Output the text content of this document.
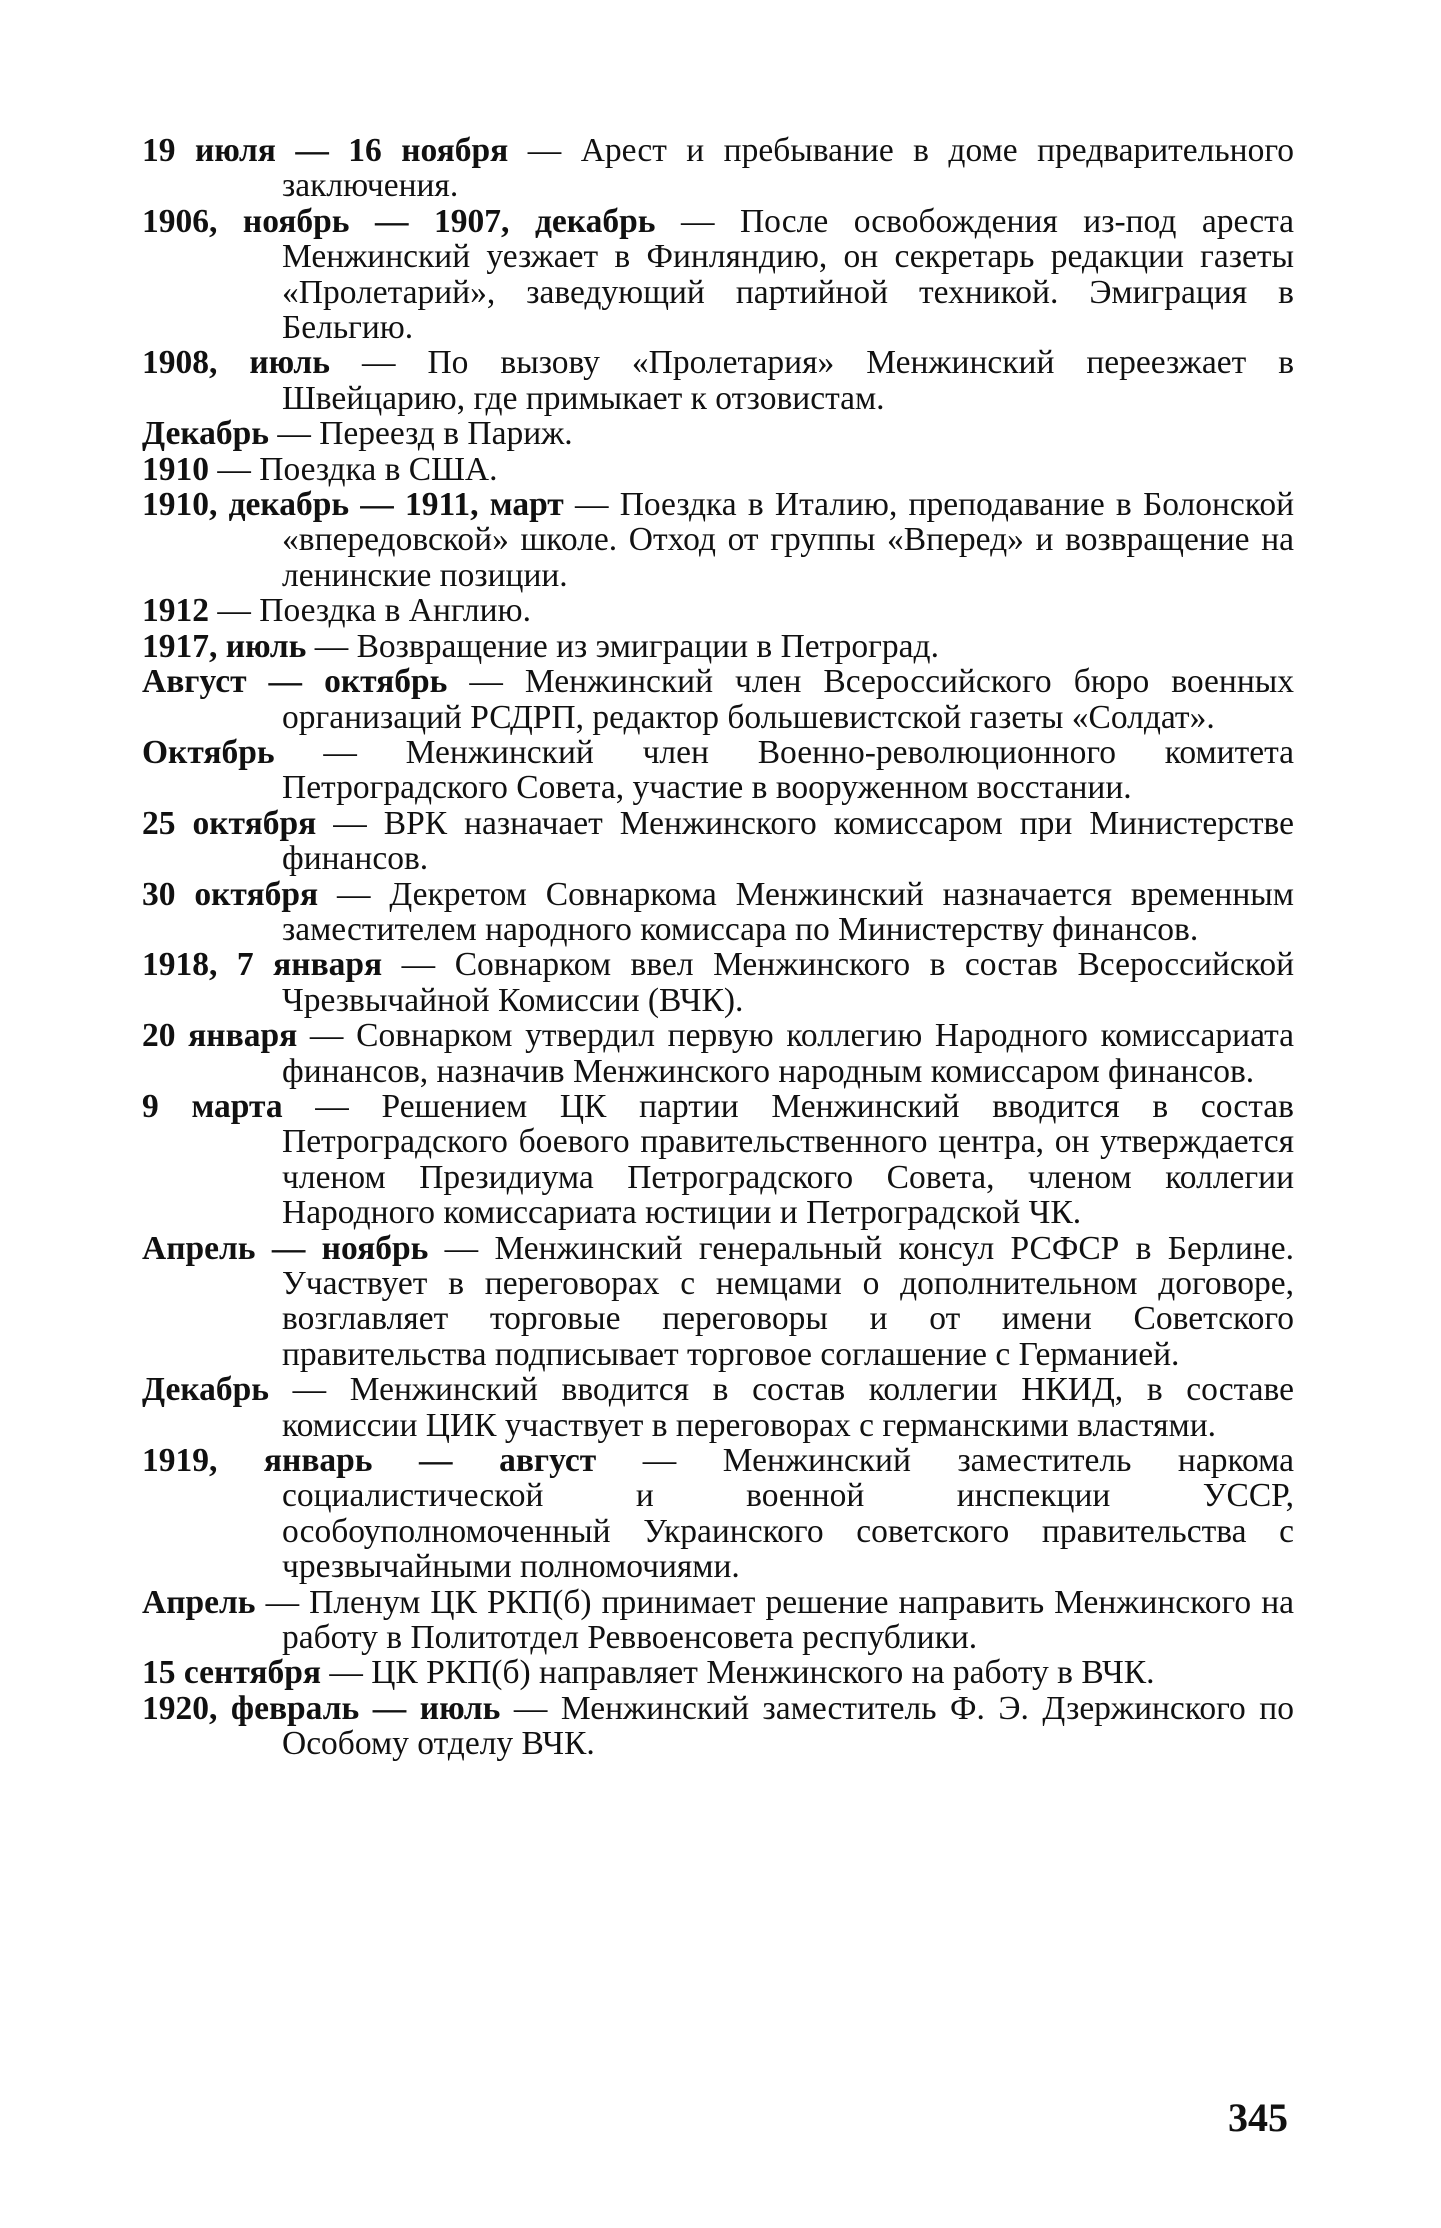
19 июля — 16 ноября — Арест и пребывание в доме предварительного заключения.

1906, ноябрь — 1907, декабрь — После освобождения из-под ареста Менжинский уезжает в Финляндию, он секретарь редакции газеты «Пролетарий», заведующий партийной техникой. Эмиграция в Бельгию.

1908, июль — По вызову «Пролетария» Менжинский переезжает в Швейцарию, где примыкает к отзовистам.

Декабрь — Переезд в Париж.

1910 — Поездка в США.

1910, декабрь — 1911, март — Поездка в Италию, преподавание в Болонской «впередовской» школе. Отход от группы «Вперед» и возвращение на ленинские позиции.

1912 — Поездка в Англию.

1917, июль — Возвращение из эмиграции в Петроград.

Август — октябрь — Менжинский член Всероссийского бюро военных организаций РСДРП, редактор большевистской газеты «Солдат».

Октябрь — Менжинский член Военно-революционного комитета Петроградского Совета, участие в вооруженном восстании.

25 октября — ВРК назначает Менжинского комиссаром при Министерстве финансов.

30 октября — Декретом Совнаркома Менжинский назначается временным заместителем народного комиссара по Министерству финансов.

1918, 7 января — Совнарком ввел Менжинского в состав Всероссийской Чрезвычайной Комиссии (ВЧК).

20 января — Совнарком утвердил первую коллегию Народного комиссариата финансов, назначив Менжинского народным комиссаром финансов.

9 марта — Решением ЦК партии Менжинский вводится в состав Петроградского боевого правительственного центра, он утверждается членом Президиума Петроградского Совета, членом коллегии Народного комиссариата юстиции и Петроградской ЧК.

Апрель — ноябрь — Менжинский генеральный консул РСФСР в Берлине. Участвует в переговорах с немцами о дополнительном договоре, возглавляет торговые переговоры и от имени Советского правительства подписывает торговое соглашение с Германией.

Декабрь — Менжинский вводится в состав коллегии НКИД, в составе комиссии ЦИК участвует в переговорах с германскими властями.

1919, январь — август — Менжинский заместитель наркома социалистической и военной инспекции УССР, особоуполномоченный Украинского советского правительства с чрезвычайными полномочиями.

Апрель — Пленум ЦК РКП(б) принимает решение направить Менжинского на работу в Политотдел Реввоенсовета республики.

15 сентября — ЦК РКП(б) направляет Менжинского на работу в ВЧК.

1920, февраль — июль — Менжинский заместитель Ф. Э. Дзержинского по Особому отделу ВЧК.

345
